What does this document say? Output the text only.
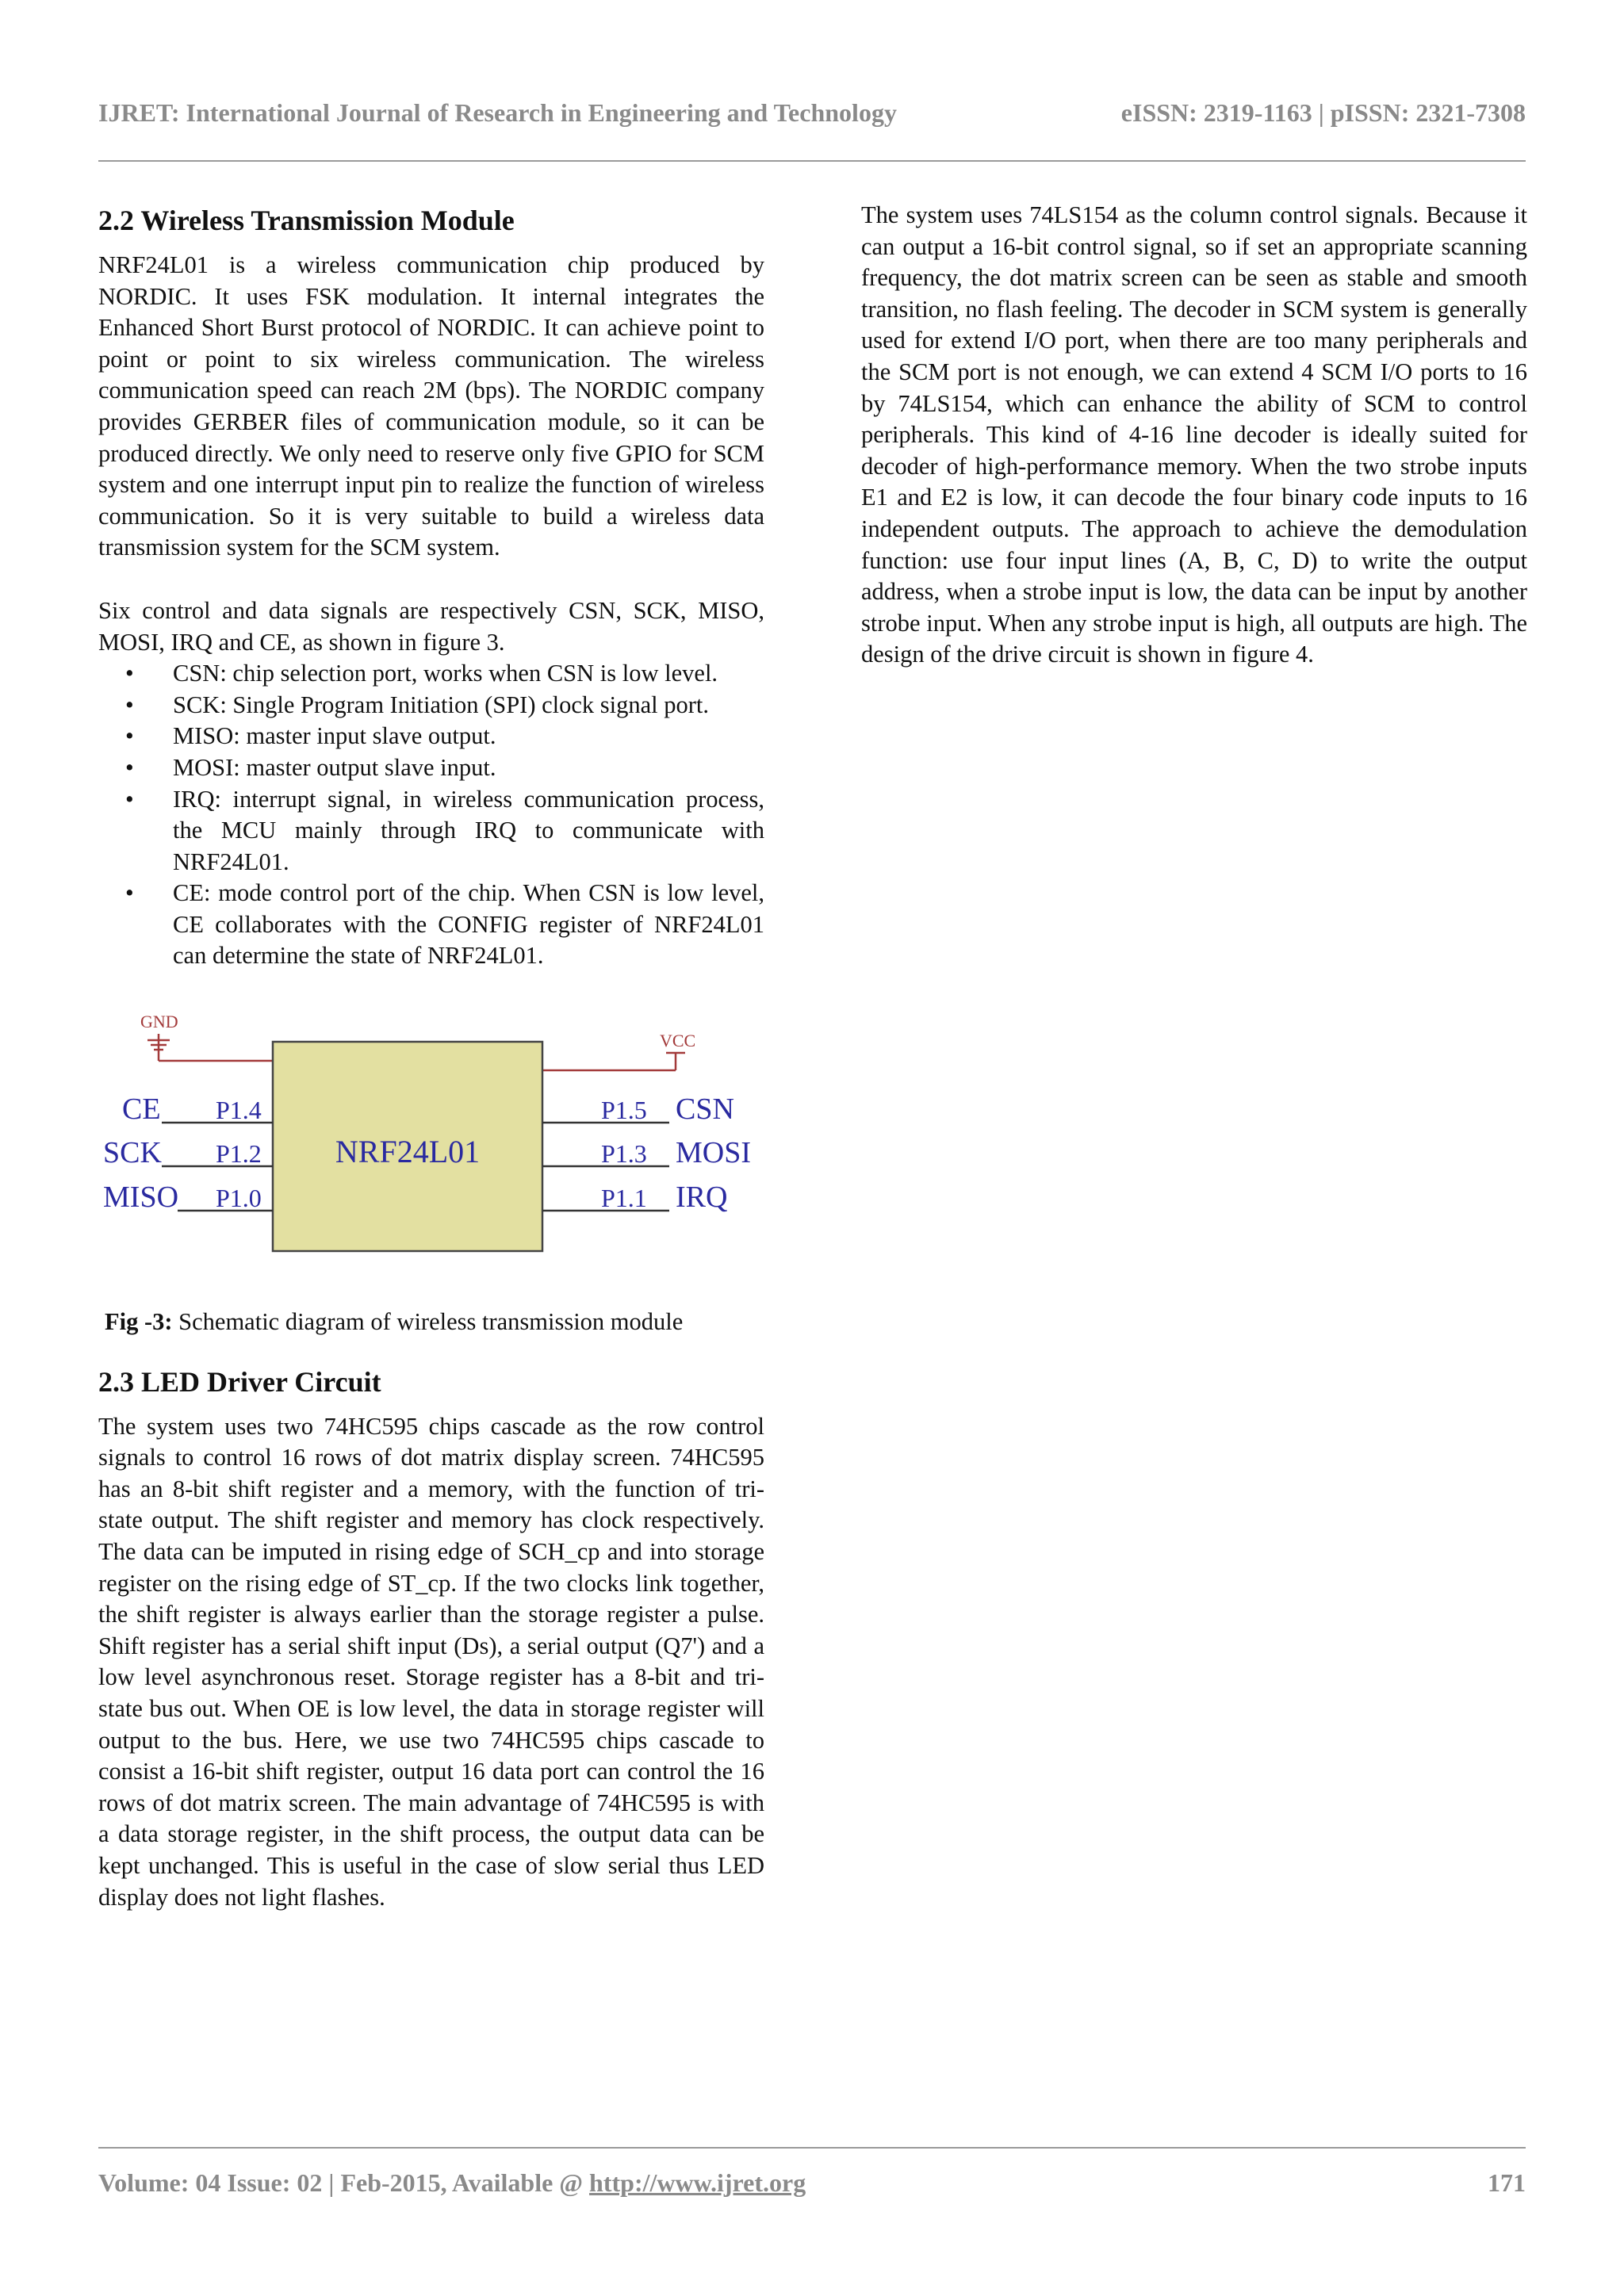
IJRET: International Journal of Research in Engineering and Technology	eISSN: 2319-1163 | pISSN: 2321-7308
2.2 Wireless Transmission Module

NRF24L01 is a wireless communication chip produced by NORDIC. It uses FSK modulation. It internal integrates the Enhanced Short Burst protocol of NORDIC. It can achieve point to point or point to six wireless communication. The wireless communication speed can reach 2M (bps). The NORDIC company provides GERBER files of communication module, so it can be produced directly. We only need to reserve only five GPIO for SCM system and one interrupt input pin to realize the function of wireless communication. So it is very suitable to build a wireless data transmission system for the SCM system.

Six control and data signals are respectively CSN, SCK, MISO, MOSI, IRQ and CE, as shown in figure 3.

• CSN: chip selection port, works when CSN is low level.
• SCK: Single Program Initiation (SPI) clock signal port.
• MISO: master input slave output.
• MOSI: master output slave input.
• IRQ: interrupt signal, in wireless communication process, the MCU mainly through IRQ to communicate with NRF24L01.
• CE: mode control port of the chip. When CSN is low level, CE collaborates with the CONFIG register of NRF24L01 can determine the state of NRF24L01.
GND
VCC
NRF24L01
CE P1.4
SCK P1.2
MISO P1.0
P1.5 CSN
P1.3 MOSI
P1.1 IRQ

Fig -3: Schematic diagram of wireless transmission module

2.3 LED Driver Circuit

The system uses two 74HC595 chips cascade as the row control signals to control 16 rows of dot matrix display screen. 74HC595 has an 8-bit shift register and a memory, with the function of tri-state output. The shift register and memory has clock respectively. The data can be imputed in rising edge of SCH_cp and into storage register on the rising edge of ST_cp. If the two clocks link together, the shift register is always earlier than the storage register a pulse. Shift register has a serial shift input (Ds), a serial output (Q7') and a low level asynchronous reset. Storage register has a 8-bit and tri-state bus out. When OE is low level, the data in storage register will output to the bus. Here, we use two 74HC595 chips cascade to consist a 16-bit shift register, output 16 data port can control the 16 rows of dot matrix screen. The main advantage of 74HC595 is with a data storage register, in the shift process, the output data can be kept unchanged. This is useful in the case of slow serial thus LED display does not light flashes.

The system uses 74LS154 as the column control signals. Because it can output a 16-bit control signal, so if set an appropriate scanning frequency, the dot matrix screen can be seen as stable and smooth transition, no flash feeling. The decoder in SCM system is generally used for extend I/O port, when there are too many peripherals and the SCM port is not enough, we can extend 4 SCM I/O ports to 16 by 74LS154, which can enhance the ability of SCM to control peripherals. This kind of 4-16 line decoder is ideally suited for decoder of high-performance memory. When the two strobe inputs E1 and E2 is low, it can decode the four binary code inputs to 16 independent outputs. The approach to achieve the demodulation function: use four input lines (A, B, C, D) to write the output address, when a strobe input is low, the data can be input by another strobe input. When any strobe input is high, all outputs are high. The design of the drive circuit is shown in figure 4.

Volume: 04 Issue: 02 | Feb-2015, Available @ http://www.ijret.org	171
